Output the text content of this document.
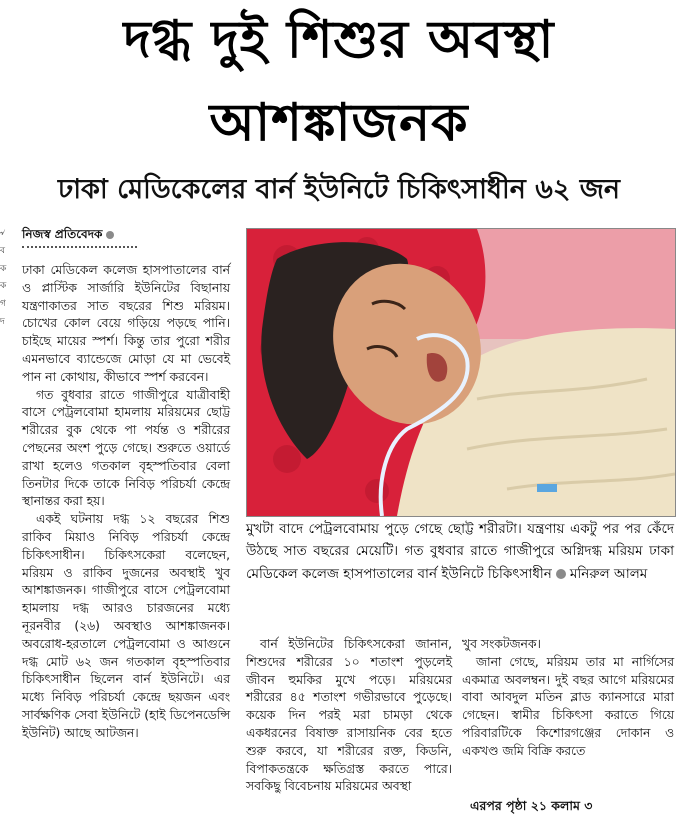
৵
ব
ক
ক
গ
দ
দগ্ধ দুই শিশুর অবস্থা
আশঙ্কাজনক
ঢাকা মেডিকেলের বার্ন ইউনিটে চিকিৎসাধীন ৬২ জন
নিজস্ব প্রতিবেদক

ঢাকা মেডিকেল কলেজ হাসপাতালের বার্ন ও প্লাস্টিক সার্জারি ইউনিটের বিছানায় যন্ত্রণাকাতর সাত বছরের শিশু মরিয়ম। চোখের কোল বেয়ে গড়িয়ে পড়ছে পানি। চাইছে মায়ের স্পর্শ। কিন্তু তার পুরো শরীর এমনভাবে ব্যান্ডেজে মোড়া যে মা ভেবেই পান না কোথায়, কীভাবে স্পর্শ করবেন।

গত বুধবার রাতে গাজীপুরে যাত্রীবাহী বাসে পেট্রলবোমা হামলায় মরিয়মের ছোট্ট শরীরের বুক থেকে পা পর্যন্ত ও শরীরের পেছনের অংশ পুড়ে গেছে। শুরুতে ওয়ার্ডে রাখা হলেও গতকাল বৃহস্পতিবার বেলা তিনটার দিকে তাকে নিবিড় পরিচর্যা কেন্দ্রে স্থানান্তর করা হয়।

একই ঘটনায় দগ্ধ ১২ বছরের শিশু রাকিব মিয়াও নিবিড় পরিচর্যা কেন্দ্রে চিকিৎসাধীন। চিকিৎসকেরা বলেছেন, মরিয়ম ও রাকিব দুজনের অবস্থাই খুব আশঙ্কাজনক। গাজীপুরে বাসে পেট্রলবোমা হামলায় দগ্ধ আরও চারজনের মধ্যে নূরনবীর (২৬) অবস্থাও আশঙ্কাজনক। অবরোধ-হরতালে পেট্রলবোমা ও আগুনে দগ্ধ মোট ৬২ জন গতকাল বৃহস্পতিবার চিকিৎসাধীন ছিলেন বার্ন ইউনিটে। এর মধ্যে নিবিড় পরিচর্যা কেন্দ্রে ছয়জন এবং সার্বক্ষণিক সেবা ইউনিটে (হাই ডিপেনডেন্সি ইউনিট) আছে আটজন।

মুখটা বাদে পেট্রলবোমায় পুড়ে গেছে ছোট্ট শরীরটা। যন্ত্রণায় একটু পর পর কেঁদে উঠছে সাত বছরের মেয়েটি। গত বুধবার রাতে গাজীপুরে অগ্নিদগ্ধ মরিয়ম ঢাকা মেডিকেল কলেজ হাসপাতালের বার্ন ইউনিটে চিকিৎসাধীন মনিরুল আলম

বার্ন ইউনিটের চিকিৎসকেরা জানান, শিশুদের শরীরের ১০ শতাংশ পুড়লেই জীবন হুমকির মুখে পড়ে। মরিয়মের শরীরের ৪৫ শতাংশ গভীরভাবে পুড়েছে। কয়েক দিন পরই মরা চামড়া থেকে একধরনের বিষাক্ত রাসায়নিক বের হতে শুরু করবে, যা শরীরের রক্ত, কিডনি, বিপাকতন্ত্রকে ক্ষতিগ্রস্ত করতে পারে। সবকিছু বিবেচনায় মরিয়মের অবস্থা

খুব সংকটজনক।

জানা গেছে, মরিয়ম তার মা নার্গিসের একমাত্র অবলম্বন। দুই বছর আগে মরিয়মের বাবা আবদুল মতিন ব্লাড ক্যানসারে মারা গেছেন। স্বামীর চিকিৎসা করাতে গিয়ে পরিবারটিকে কিশোরগঞ্জের দোকান ও একখণ্ড জমি বিক্রি করতে

এরপর পৃষ্ঠা ২১ কলাম ৩
